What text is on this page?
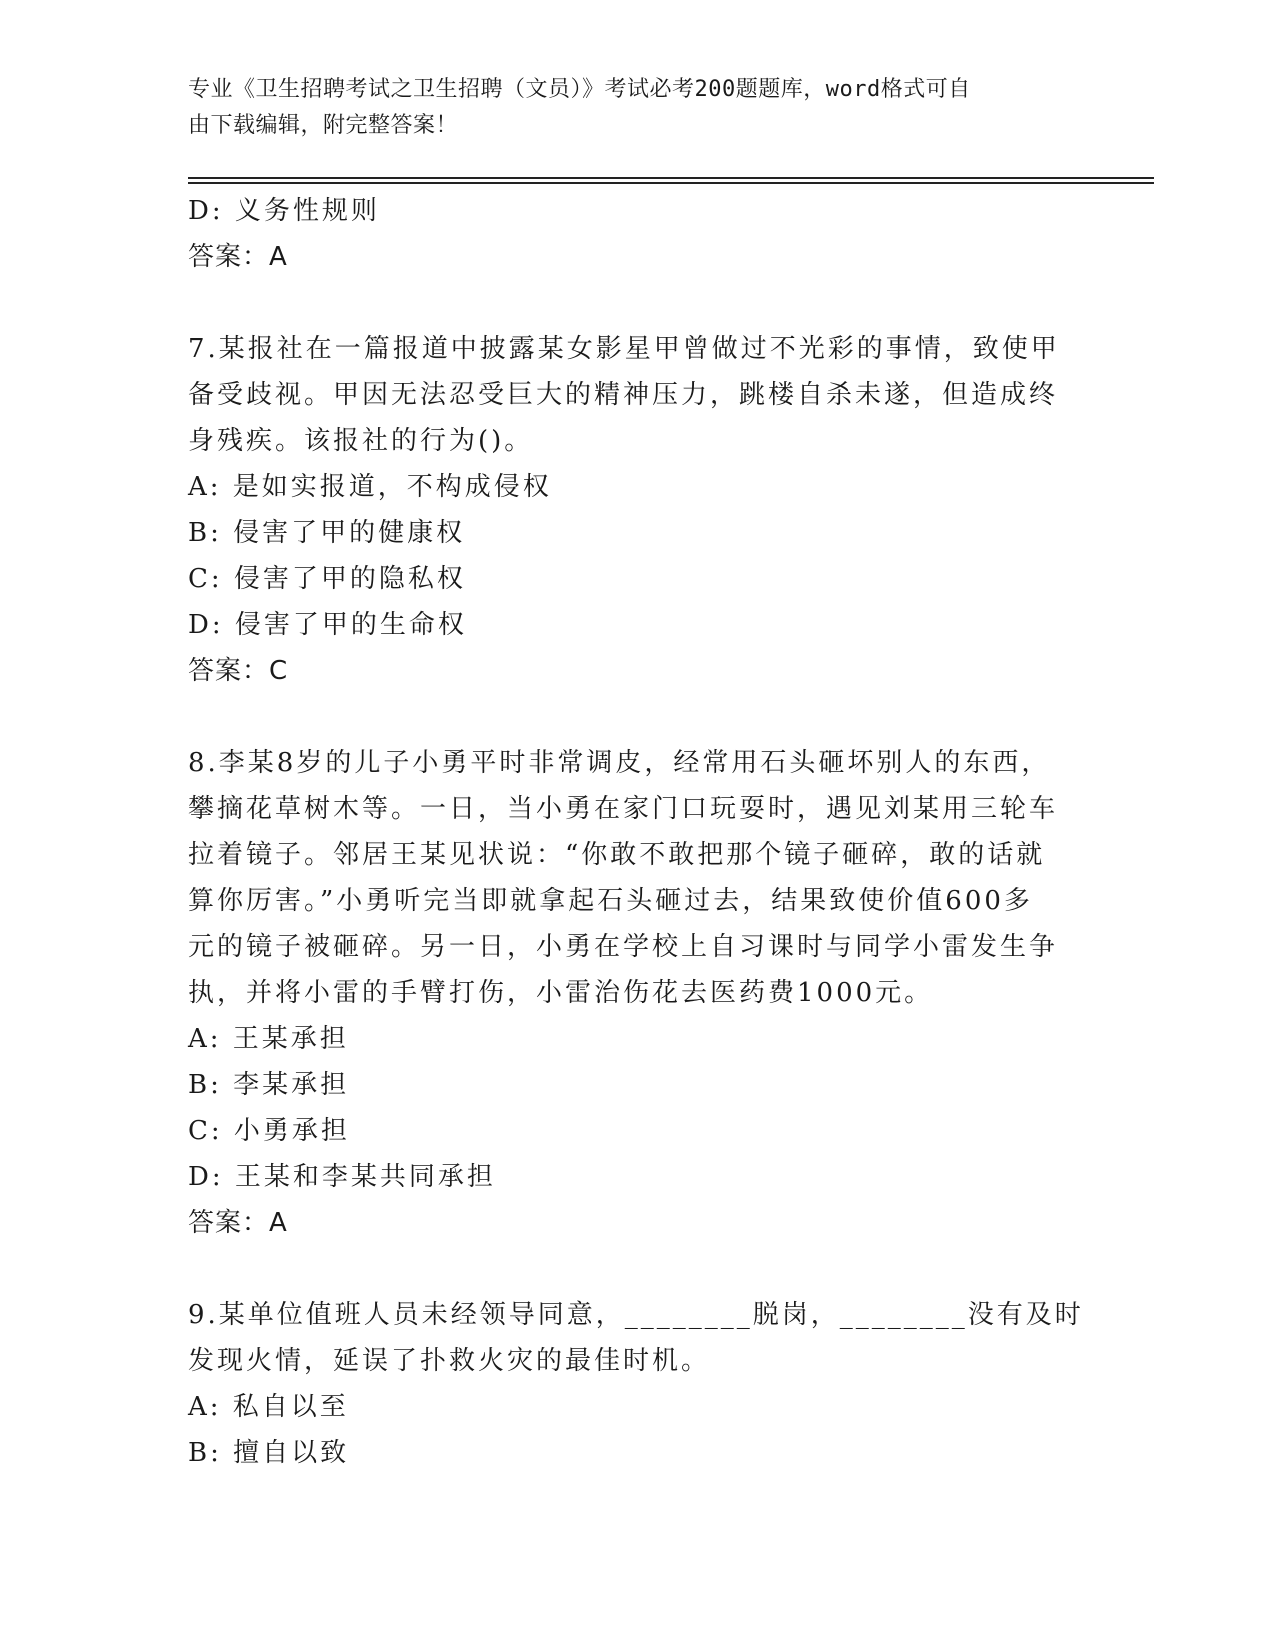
专业《卫生招聘考试之卫生招聘（文员）》考试必考200题题库，word格式可自
由下载编辑，附完整答案！
D: 义务性规则
答案：A
7.某报社在一篇报道中披露某女影星甲曾做过不光彩的事情，致使甲
备受歧视。甲因无法忍受巨大的精神压力，跳楼自杀未遂，但造成终
身残疾。该报社的行为()。
A: 是如实报道，不构成侵权
B: 侵害了甲的健康权
C: 侵害了甲的隐私权
D: 侵害了甲的生命权
答案：C
8.李某8岁的儿子小勇平时非常调皮，经常用石头砸坏别人的东西，
攀摘花草树木等。一日，当小勇在家门口玩耍时，遇见刘某用三轮车
拉着镜子。邻居王某见状说：“你敢不敢把那个镜子砸碎，敢的话就
算你厉害。”小勇听完当即就拿起石头砸过去，结果致使价值600多
元的镜子被砸碎。另一日，小勇在学校上自习课时与同学小雷发生争
执，并将小雷的手臂打伤，小雷治伤花去医药费1000元。
A: 王某承担
B: 李某承担
C: 小勇承担
D: 王某和李某共同承担
答案：A
9.某单位值班人员未经领导同意，________脱岗，________没有及时
发现火情，延误了扑救火灾的最佳时机。
A: 私自以至
B: 擅自以致
